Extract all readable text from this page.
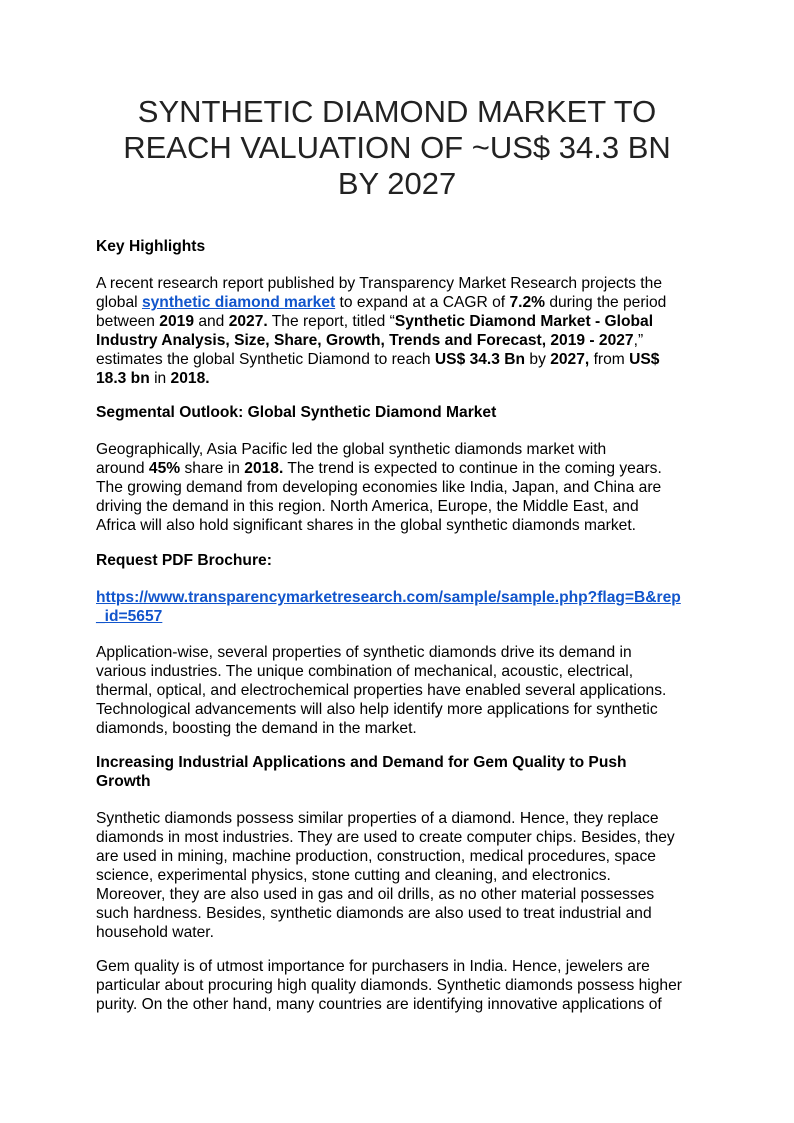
SYNTHETIC DIAMOND MARKET TO
REACH VALUATION OF ~US$ 34.3 BN
BY 2027

Key Highlights

A recent research report published by Transparency Market Research projects the
global synthetic diamond market to expand at a CAGR of 7.2% during the period
between 2019 and 2027. The report, titled “Synthetic Diamond Market - Global
Industry Analysis, Size, Share, Growth, Trends and Forecast, 2019 - 2027,”
estimates the global Synthetic Diamond to reach US$ 34.3 Bn by 2027, from US$
18.3 bn in 2018.

Segmental Outlook: Global Synthetic Diamond Market

Geographically, Asia Pacific led the global synthetic diamonds market with
around 45% share in 2018. The trend is expected to continue in the coming years.
The growing demand from developing economies like India, Japan, and China are
driving the demand in this region. North America, Europe, the Middle East, and
Africa will also hold significant shares in the global synthetic diamonds market.

Request PDF Brochure:

https://www.transparencymarketresearch.com/sample/sample.php?flag=B&rep
_id=5657
Application-wise, several properties of synthetic diamonds drive its demand in
various industries. The unique combination of mechanical, acoustic, electrical,
thermal, optical, and electrochemical properties have enabled several applications.
Technological advancements will also help identify more applications for synthetic
diamonds, boosting the demand in the market.

Increasing Industrial Applications and Demand for Gem Quality to Push
Growth

Synthetic diamonds possess similar properties of a diamond. Hence, they replace
diamonds in most industries. They are used to create computer chips. Besides, they
are used in mining, machine production, construction, medical procedures, space
science, experimental physics, stone cutting and cleaning, and electronics.
Moreover, they are also used in gas and oil drills, as no other material possesses
such hardness. Besides, synthetic diamonds are also used to treat industrial and
household water.
Gem quality is of utmost importance for purchasers in India. Hence, jewelers are
particular about procuring high quality diamonds. Synthetic diamonds possess higher
purity. On the other hand, many countries are identifying innovative applications of
